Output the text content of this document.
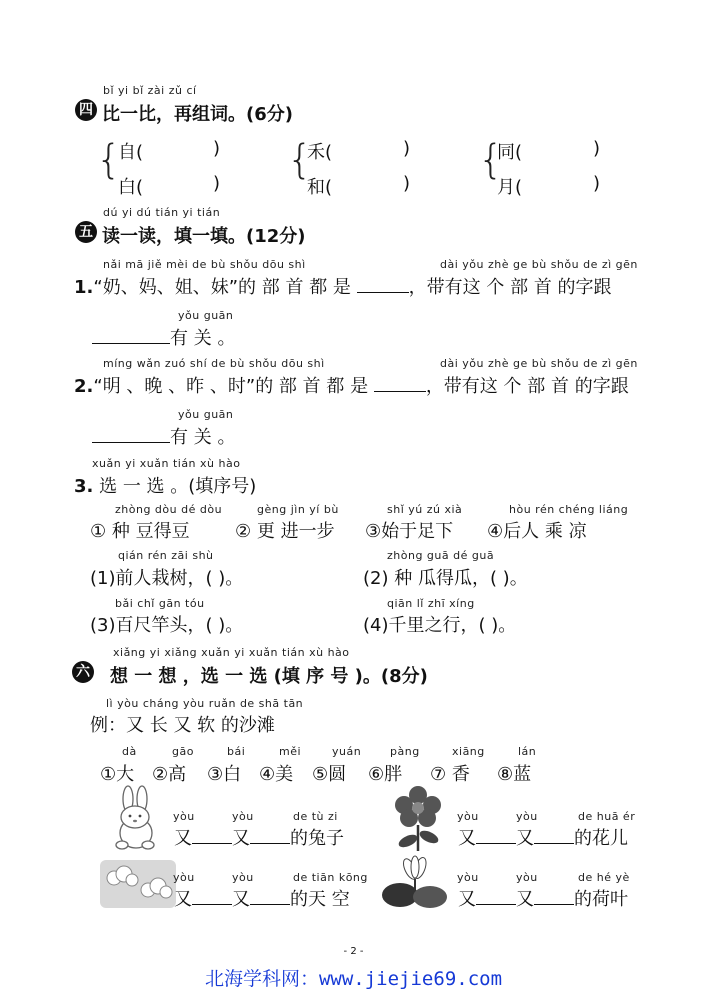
bǐ yi bǐ zài zǔ cí
四 比一比，再组词。(6分)
{
自(	)
白(	)
{
禾(	)
和(	)
{
同(	)
月(	)
dú yi dú tián yi tián
五 读一读，填一填。(12分)
nǎi mā jiě mèi de bù shǒu dōu shì	dài yǒu zhè ge bù shǒu de zì gēn
1.“奶、妈、姐、妹”的 部 首 都 是	，带有这 个 部 首 的字跟
yǒu guān
有 关 。
míng wǎn zuó shí de bù shǒu dōu shì	dài yǒu zhè ge bù shǒu de zì gēn
2.“明 、晚 、昨 、时”的 部 首 都 是	，带有这 个 部 首 的字跟
yǒu guān
有 关 。
xuǎn yi xuǎn tián xù hào
3. 选 一 选 。(填序号)
zhòng dòu dé dòu
① 种 豆得豆
gèng jìn yí bù
② 更 进一步
shǐ yú zú xià
③始于足下
hòu rén chéng liáng
④后人 乘 凉
qián rén zāi shù
(1)前人栽树，( )。
zhòng guā dé guā
(2) 种 瓜得瓜，( )。
bǎi chǐ gān tóu
(3)百尺竿头，( )。
qiān lǐ zhī xíng
(4)千里之行，( )。
xiǎng yi xiǎng xuǎn yi xuǎn tián xù hào
六 想 一 想 ，选 一 选 (填 序 号 )。(8分)
lì yòu cháng yòu ruǎn de shā tān
例：又 长 又 软 的沙滩
dà
①大
gāo
②高
bái
③白
měi
④美
yuán
⑤圆
pàng
⑥胖
xiāng
⑦ 香
lán
⑧蓝
yòu	yòu	de tù zi
又 又 的兔子
yòu	yòu	de huā ér
又 又 的花儿
yòu	yòu	de tiān kōng
又 又 的天 空
yòu	yòu	de hé yè
又 又 的荷叶
- 2 -
北海学科网：www.jiejie69.com
